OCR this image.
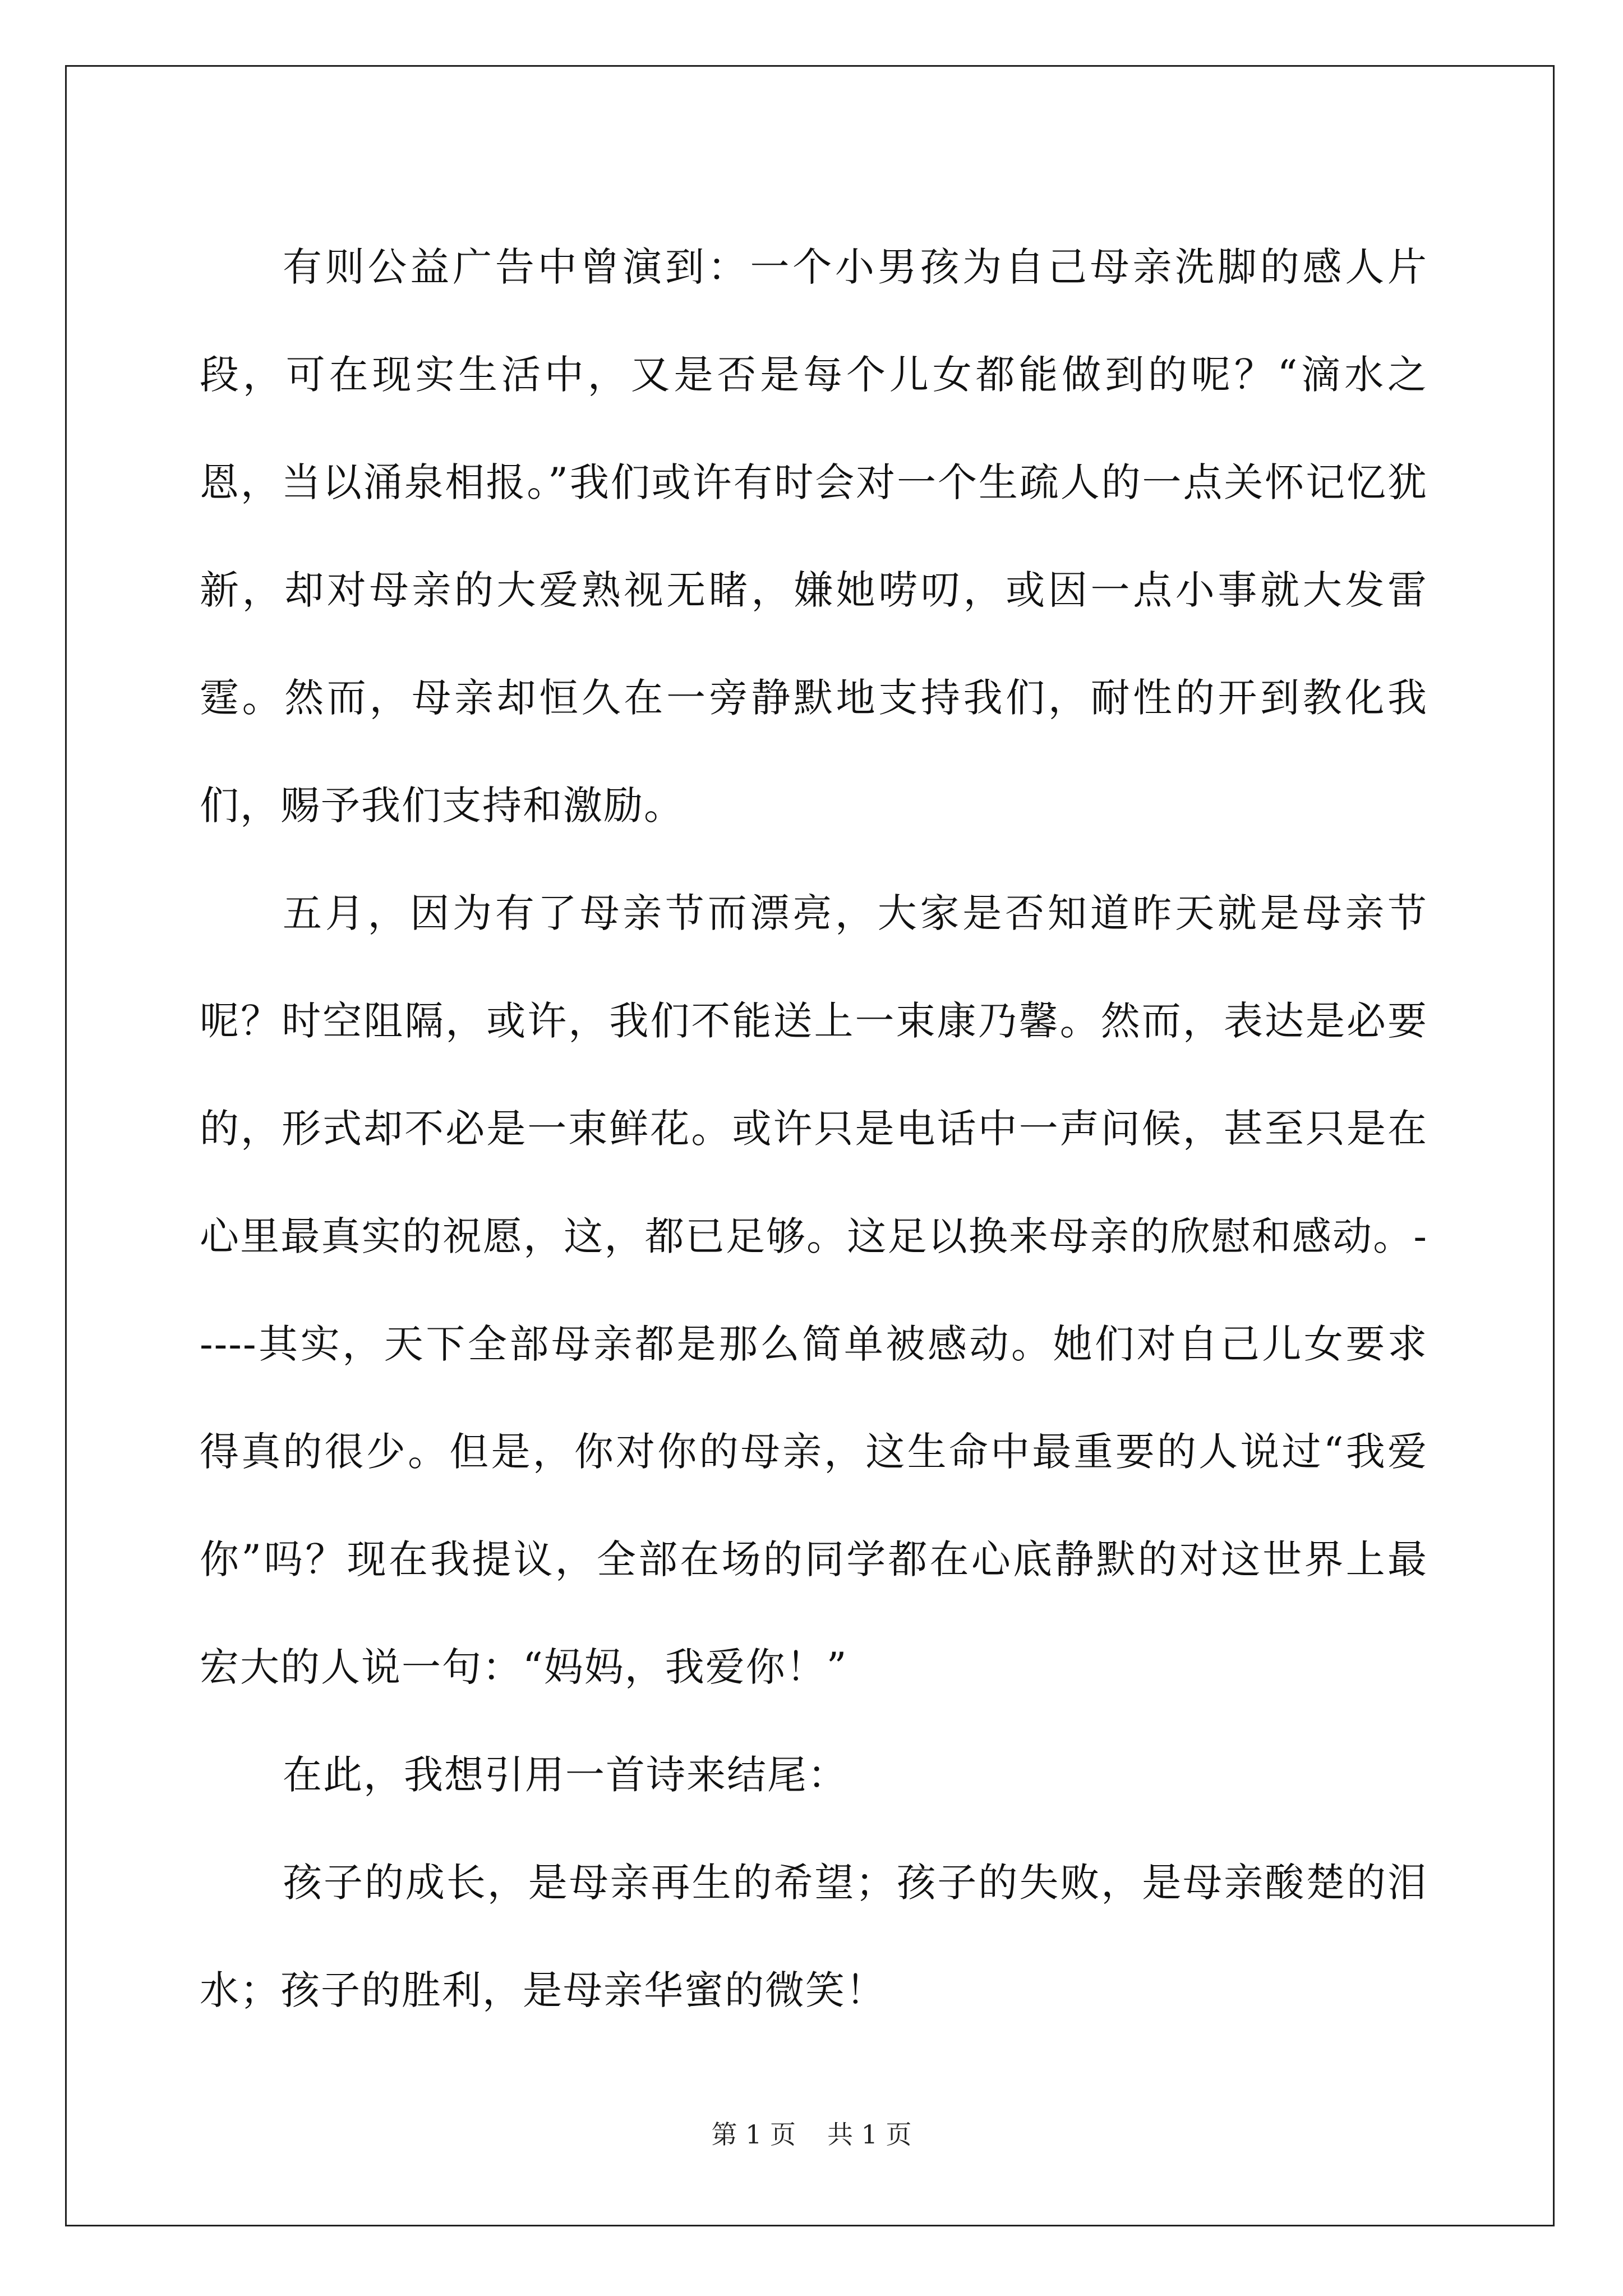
有则公益广告中曾演到：一个小男孩为自己母亲洗脚的感人片段，可在现实生活中，又是否是每个儿女都能做到的呢？“滴水之恩，当以涌泉相报。”我们或许有时会对一个生疏人的一点关怀记忆犹新，却对母亲的大爱熟视无睹，嫌她唠叨，或因一点小事就大发雷霆。然而，母亲却恒久在一旁静默地支持我们，耐性的开到教化我们，赐予我们支持和激励。

五月，因为有了母亲节而漂亮，大家是否知道昨天就是母亲节呢？时空阻隔，或许，我们不能送上一束康乃馨。然而，表达是必要的，形式却不必是一束鲜花。或许只是电话中一声问候，甚至只是在心里最真实的祝愿，这，都已足够。这足以换来母亲的欣慰和感动。-----其实，天下全部母亲都是那么简单被感动。她们对自己儿女要求得真的很少。但是，你对你的母亲，这生命中最重要的人说过“我爱你”吗？现在我提议，全部在场的同学都在心底静默的对这世界上最宏大的人说一句：“妈妈，我爱你！”

在此，我想引用一首诗来结尾：

孩子的成长，是母亲再生的希望；孩子的失败，是母亲酸楚的泪水；孩子的胜利，是母亲华蜜的微笑！

第 1 页 共 1 页
